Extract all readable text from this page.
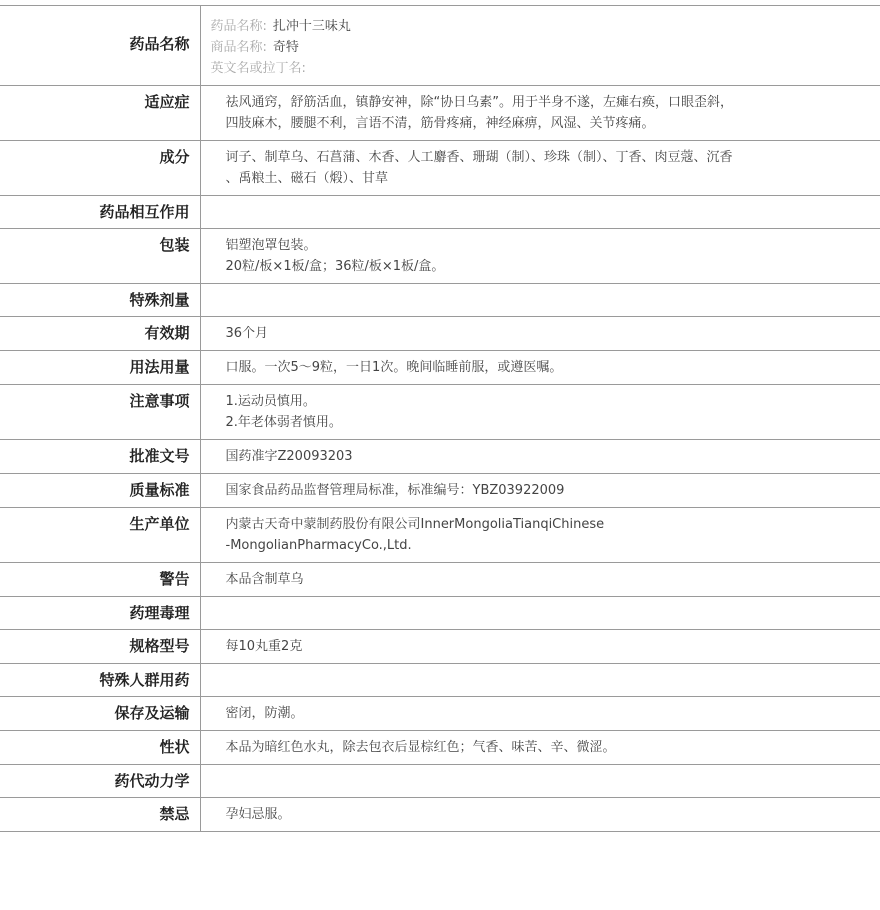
药品名称	药品名称: 扎冲十三味丸
商品名称: 奇特
英文名或拉丁名:

适应症	祛风通窍，舒筋活血，镇静安神，除“协日乌素”。用于半身不遂，左瘫右痪，口眼歪斜，
四肢麻木，腰腿不利，言语不清，筋骨疼痛，神经麻痹，风湿、关节疼痛。

成分	诃子、制草乌、石菖蒲、木香、人工麝香、珊瑚（制）、珍珠（制）、丁香、肉豆蔻、沉香
、禹粮土、磁石（煅）、甘草

药品相互作用	
包装	铝塑泡罩包装。
20粒/板×1板/盒；36粒/板×1板/盒。

特殊剂量	
有效期	36个月

用法用量	口服。一次5～9粒，一日1次。晚间临睡前服，或遵医嘱。

注意事项	1.运动员慎用。
2.年老体弱者慎用。

批准文号	国药准字Z20093203

质量标准	国家食品药品监督管理局标准，标准编号：YBZ03922009

生产单位	内蒙古天奇中蒙制药股份有限公司InnerMongoliaTianqiChinese
-MongolianPharmacyCo.,Ltd.

警告	本品含制草乌

药理毒理	
规格型号	每10丸重2克

特殊人群用药	
保存及运输	密闭，防潮。

性状	本品为暗红色水丸，除去包衣后显棕红色；气香、味苦、辛、微涩。

药代动力学	
禁忌	孕妇忌服。
